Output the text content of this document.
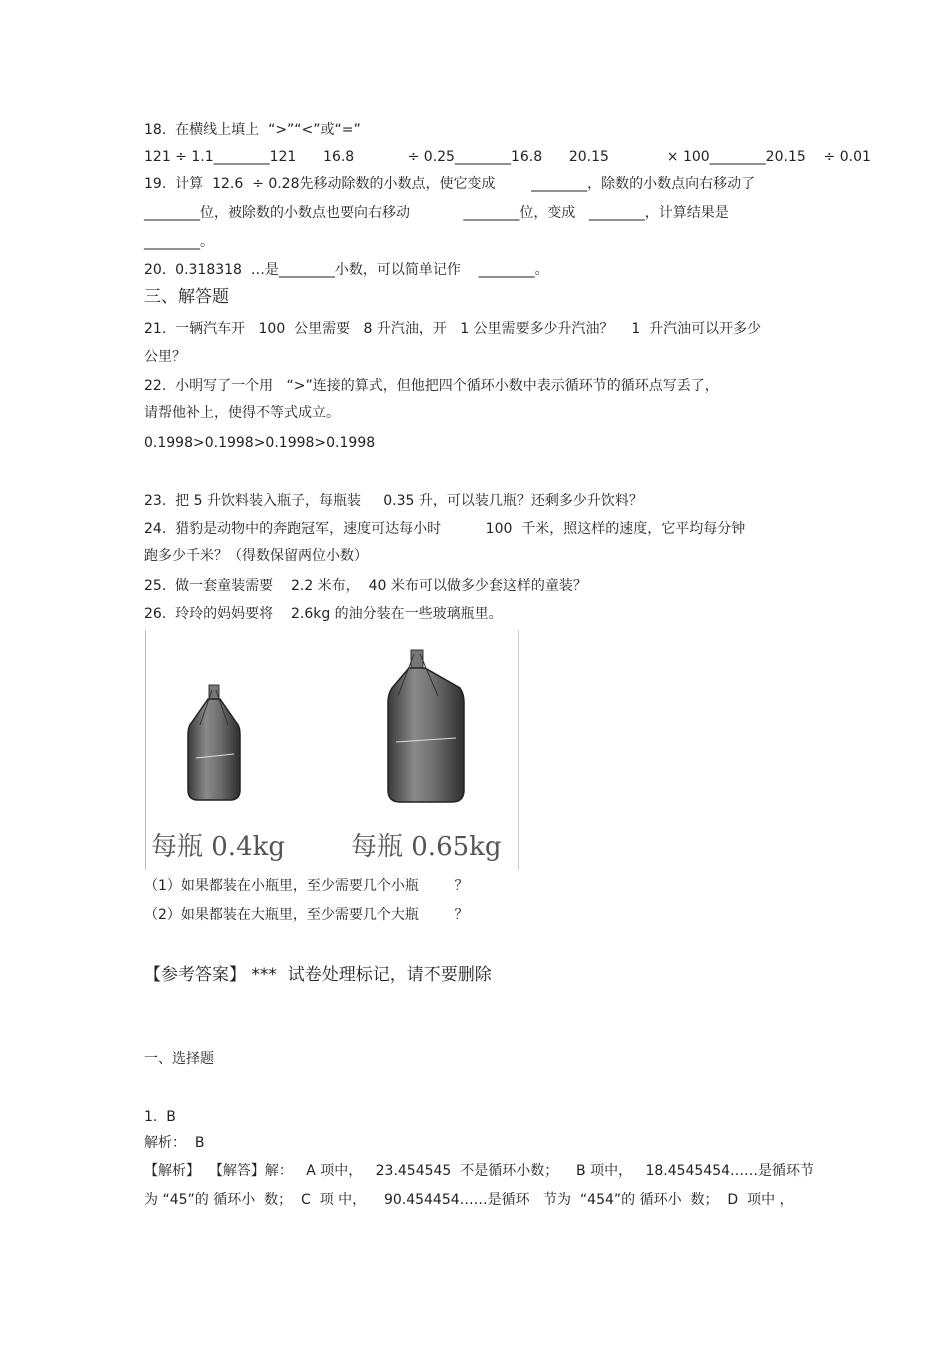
18.  在横线上填上  “>”“<”或“=”
121 ÷ 1.1________121      16.8            ÷ 0.25________16.8      20.15             × 100________20.15    ÷ 0.01
19.  计算  12.6  ÷ 0.28先移动除数的小数点，使它变成        ________，除数的小数点向右移动了
________位，被除数的小数点也要向右移动            ________位，变成   ________，计算结果是
________。
20.  0.318318  …是________小数，可以简单记作    ________。
三、解答题
21.  一辆汽车开   100  公里需要   8 升汽油，开   1 公里需要多少升汽油？    1  升汽油可以开多少
公里？
22.  小明写了一个用   “>”连接的算式，但他把四个循环小数中表示循环节的循环点写丢了，
请帮他补上，使得不等式成立。
0.1998>0.1998>0.1998>0.1998
23.  把 5 升饮料装入瓶子，每瓶装     0.35 升，可以装几瓶？还剩多少升饮料？
24.  猎豹是动物中的奔跑冠军，速度可达每小时          100  千米，照这样的速度，它平均每分钟
跑多少千米？（得数保留两位小数）
25.  做一套童装需要    2.2 米布，  40 米布可以做多少套这样的童装？
26.  玲玲的妈妈要将    2.6kg 的油分装在一些玻璃瓶里。
每瓶 0.4kg	每瓶 0.65kg
（1）如果都装在小瓶里，至少需要几个小瓶        ？
（2）如果都装在大瓶里，至少需要几个大瓶        ？
【参考答案】 ***  试卷处理标记，请不要删除
一、选择题
1.  B
解析：  B
【解析】  【解答】解：   A 项中，   23.454545  不是循环小数；    B 项中，   18.4545454……是循环节
为 “45”的 循环小  数；  C  项 中，    90.454454……是循环   节为  “454”的 循环小  数；  D  项中 ，
